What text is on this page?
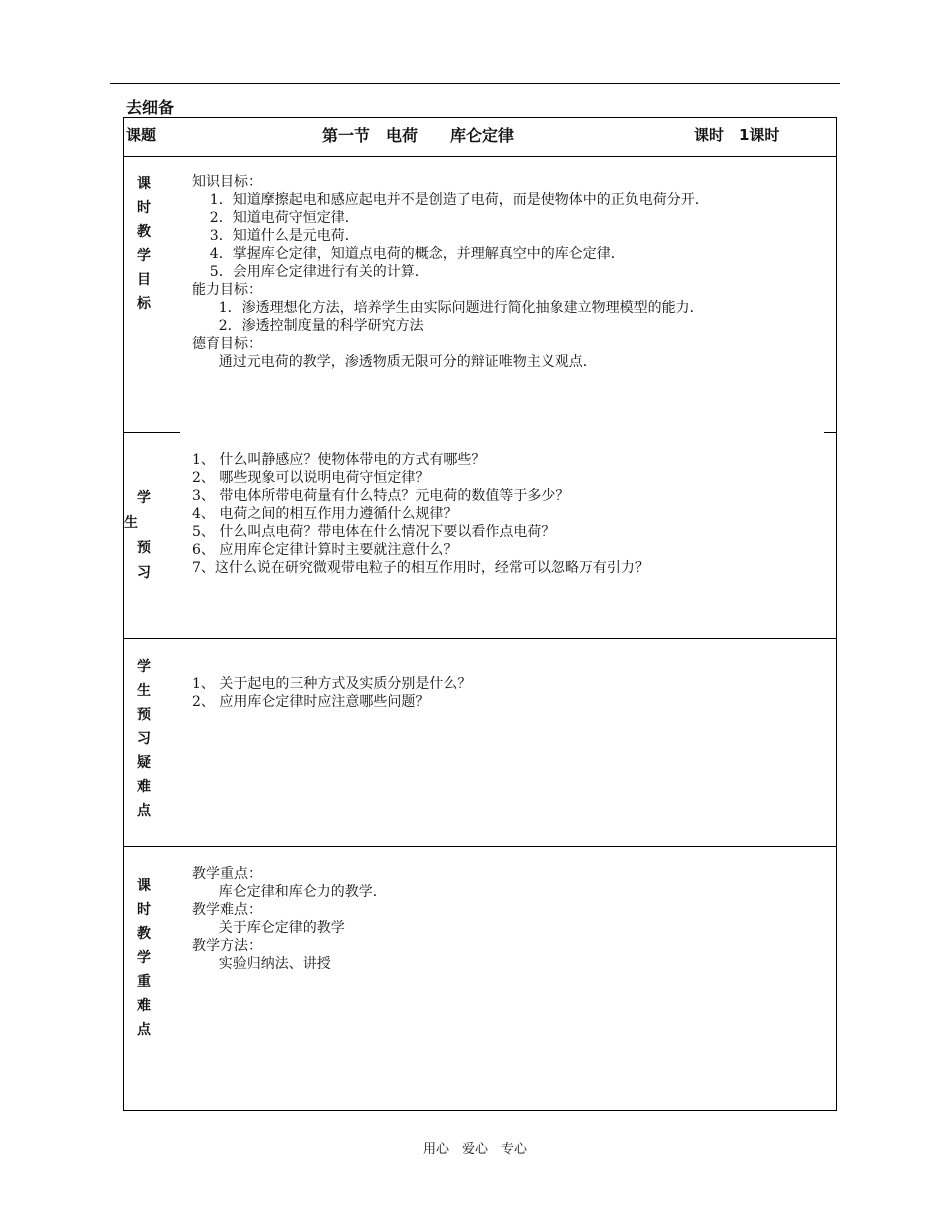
去细备
课题	第一节　电荷　　库仑定律	课时　1课时
课
时
教
学
目
标
知识目标：
1．知道摩擦起电和感应起电并不是创造了电荷，而是使物体中的正负电荷分开．
2．知道电荷守恒定律．
3．知道什么是元电荷．
4．掌握库仑定律，知道点电荷的概念，并理解真空中的库仑定律．
5．会用库仑定律进行有关的计算．
能力目标：
1．渗透理想化方法，培养学生由实际问题进行简化抽象建立物理模型的能力．
2．渗透控制度量的科学研究方法
德育目标：
通过元电荷的教学，渗透物质无限可分的辩证唯物主义观点．
学
生
预
习
1、 什么叫静感应？使物体带电的方式有哪些？
2、 哪些现象可以说明电荷守恒定律？
3、 带电体所带电荷量有什么特点？元电荷的数值等于多少？
4、 电荷之间的相互作用力遵循什么规律？
5、 什么叫点电荷？带电体在什么情况下要以看作点电荷？
6、 应用库仑定律计算时主要就注意什么？
7、这什么说在研究微观带电粒子的相互作用时，经常可以忽略万有引力？
学
生
预
习
疑
难
点
1、 关于起电的三种方式及实质分别是什么？
2、 应用库仑定律时应注意哪些问题？
课
时
教
学
重
难
点
教学重点：
库仑定律和库仑力的教学．
教学难点：
关于库仑定律的教学
教学方法：
实验归纳法、讲授
用心　爱心　专心
